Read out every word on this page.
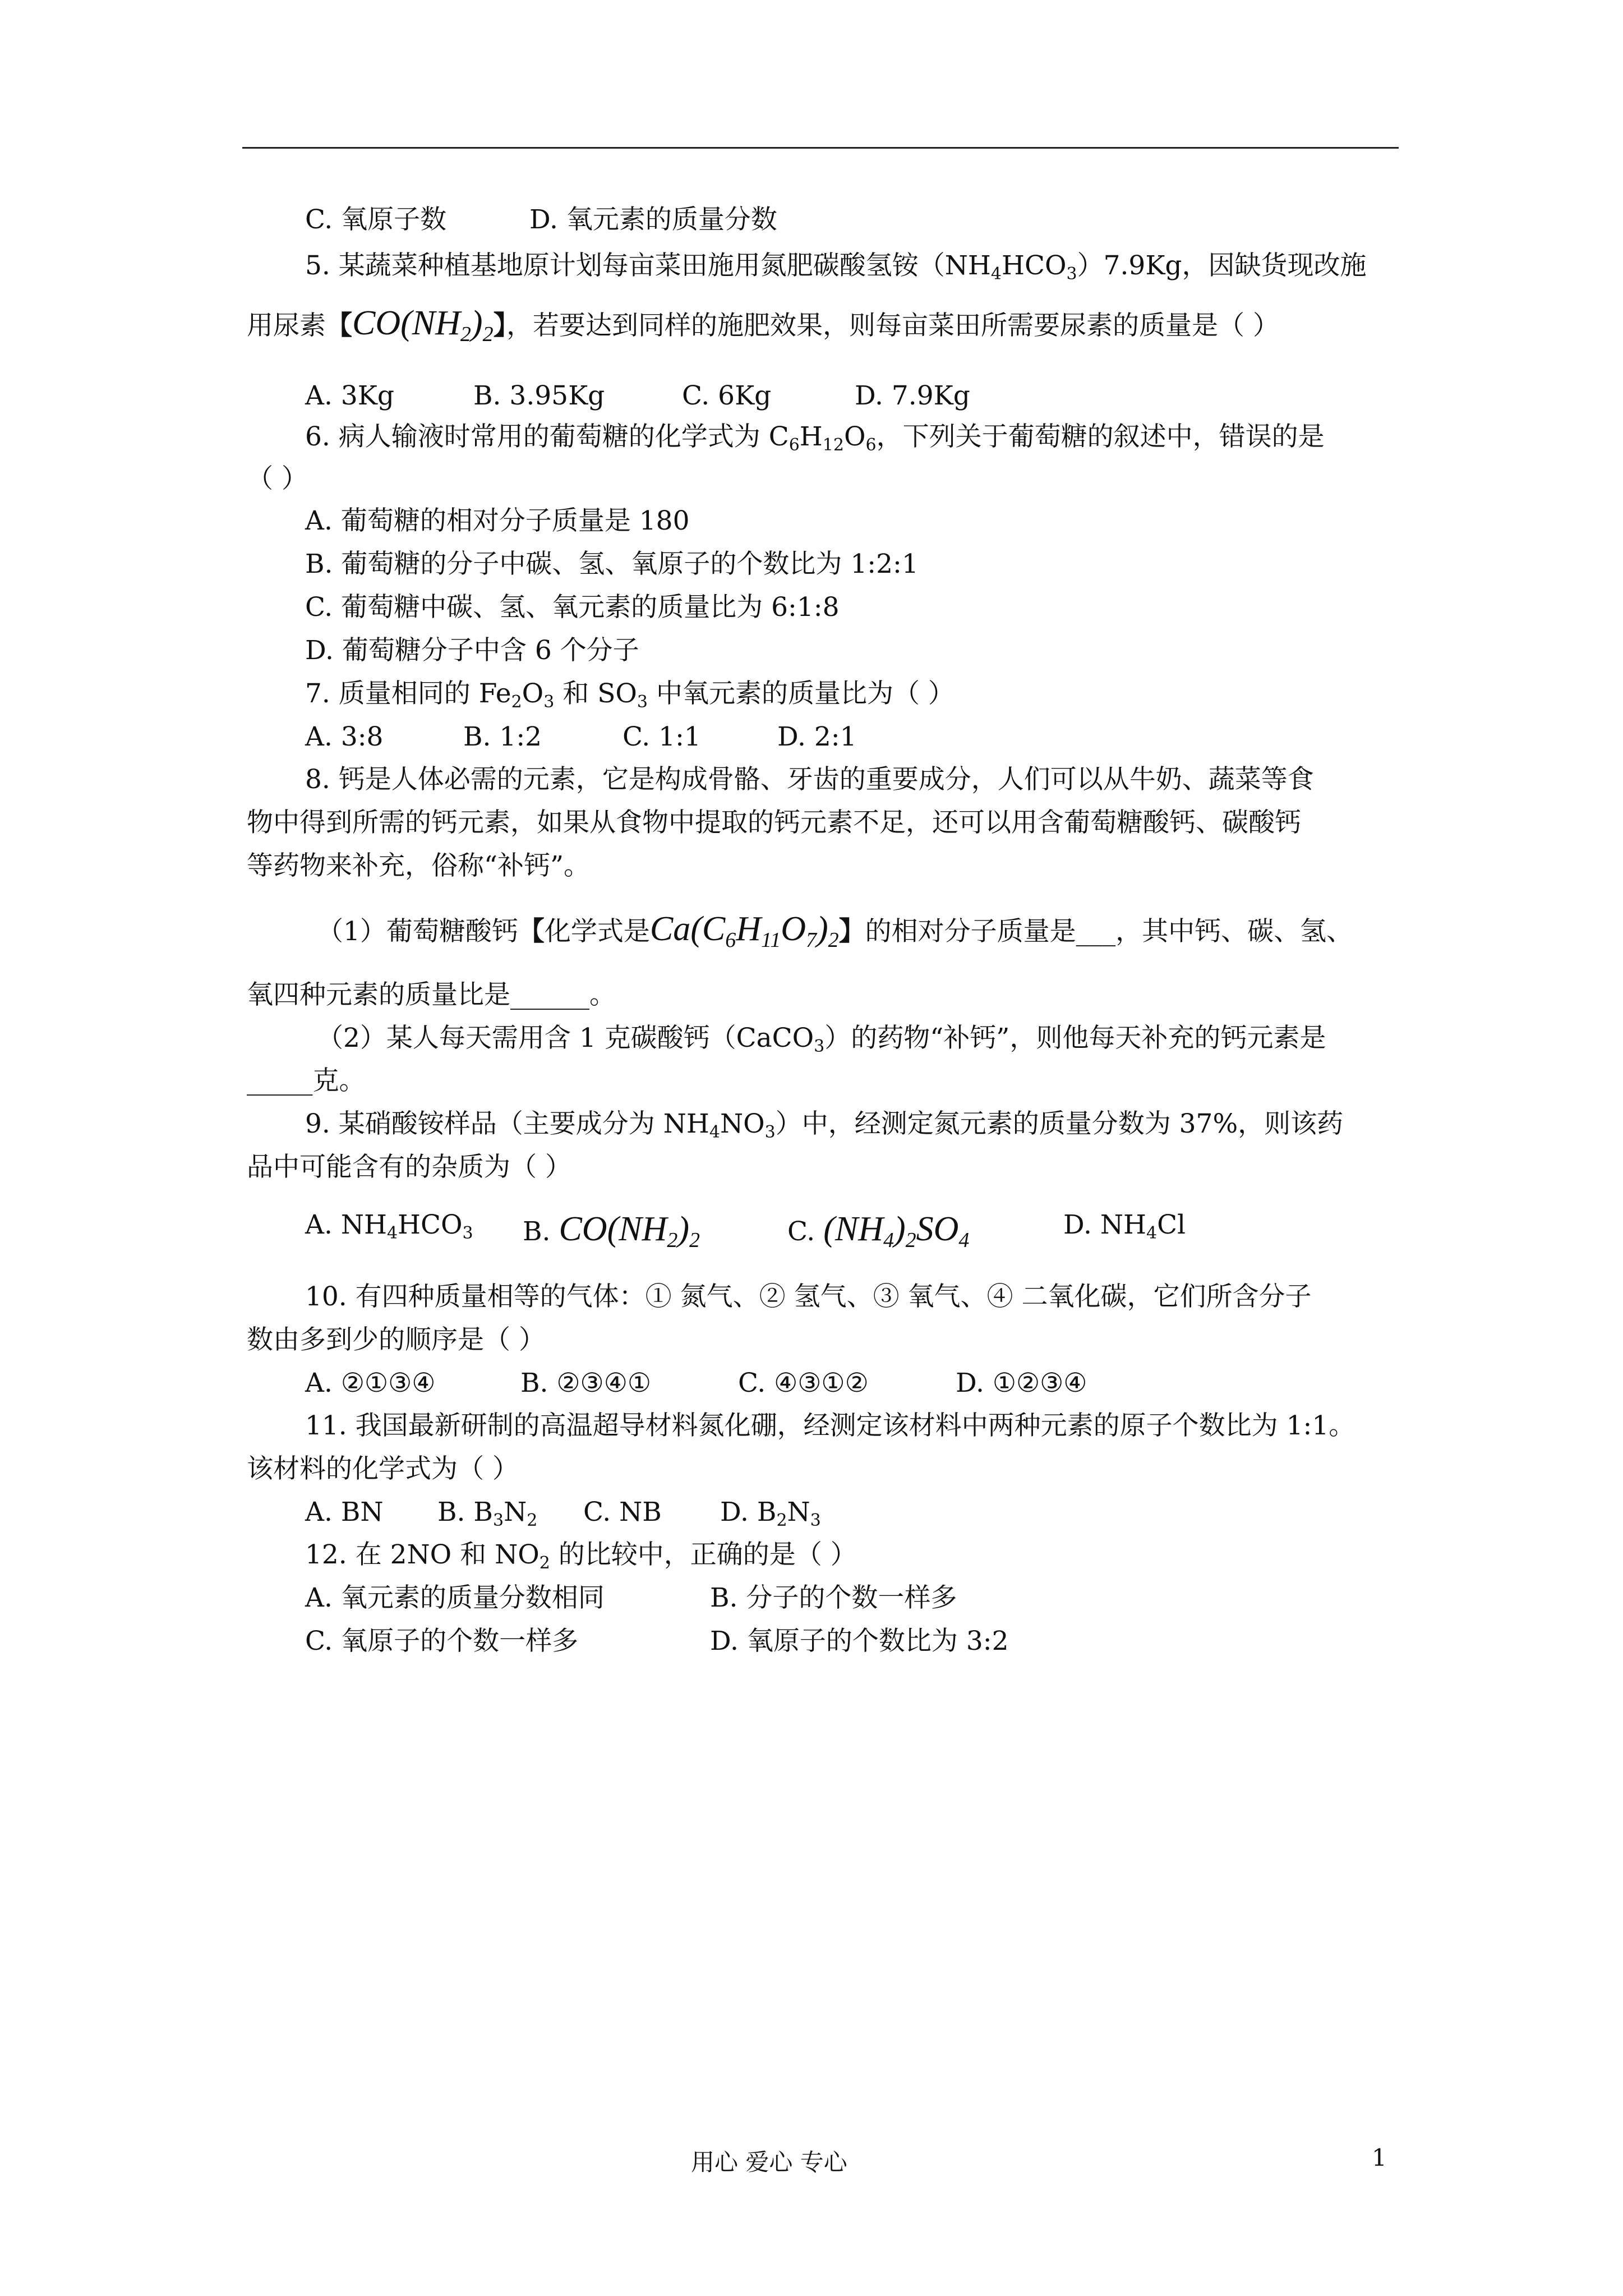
C. 氧原子数	D. 氧元素的质量分数
5. 某蔬菜种植基地原计划每亩菜田施用氮肥碳酸氢铵$(NH_4HCO_3)7.9Kg$，因缺货现改施
用尿素【$CO(NH_2)_2$】，若要达到同样的施肥效果，则每亩菜田所需要尿素的质量是（ ）
A. 3Kg	B. 3.95Kg	C. 6Kg	D. 7.9Kg
6. 病人输液时常用的葡萄糖的化学式为 $C_6H_{12}O_6$，下列关于葡萄糖的叙述中，错误的是
（ ）
A. 葡萄糖的相对分子质量是 180
B. 葡萄糖的分子中碳、氢、氧原子的个数比为 1:2:1
C. 葡萄糖中碳、氢、氧元素的质量比为 6:1:8
D. 葡萄糖分子中含 6 个分子
7. 质量相同的 $Fe_2O_3$ 和 $SO_3$ 中氧元素的质量比为（ ）
A. 3:8	B. 1:2	C. 1:1	D. 2:1
8. 钙是人体必需的元素，它是构成骨骼、牙齿的重要成分，人们可以从牛奶、蔬菜等食
物中得到所需的钙元素，如果从食物中提取的钙元素不足，还可以用含葡萄糖酸钙、碳酸钙
等药物来补充，俗称“补钙”。
（1）葡萄糖酸钙【化学式是$Ca(C_6H_{11}O_7)_2$】的相对分子质量是___，其中钙、碳、氢、
氧四种元素的质量比是______。
（2）某人每天需用含 1 克碳酸钙（CaCO$_3$）的药物“补钙”，则他每天补充的钙元素是
_____克。
9. 某硝酸铵样品（主要成分为 $NH_4NO_3$）中，经测定氮元素的质量分数为 37%，则该药
品中可能含有的杂质为（ ）
A. $NH_4HCO_3$ B. $CO(NH_2)_2$	C. $(NH_4)_2SO_4$	D. $NH_4Cl$
10. 有四种质量相等的气体：① 氮气、② 氢气、③ 氧气、④ 二氧化碳，它们所含分子
数由多到少的顺序是（ ）
A. ②①③④	B. ②③④①	C. ④③①②	D. ①②③④
11. 我国最新研制的高温超导材料氮化硼，经测定该材料中两种元素的原子个数比为 1:1。
该材料的化学式为（ ）
A. BN B. $B_3N_2$ C. NB D. $B_2N_3$
12. 在 2NO 和 $NO_2$ 的比较中，正确的是（ ）
A. 氧元素的质量分数相同	B. 分子的个数一样多
C. 氧原子的个数一样多	D. 氧原子的个数比为 3:2
用心 爱心 专心	1
